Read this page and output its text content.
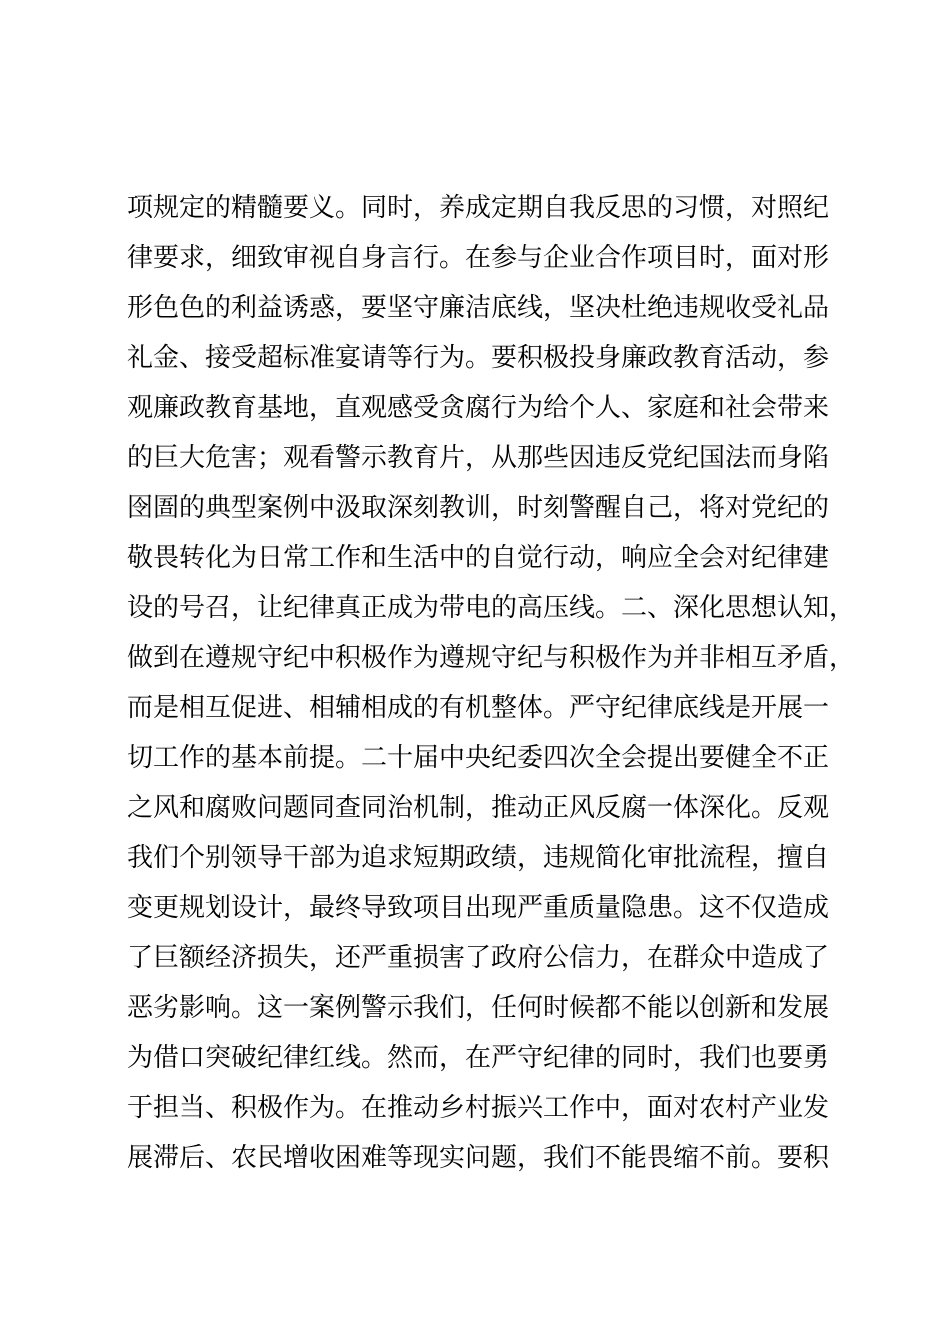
项规定的精髓要义。同时，养成定期自我反思的习惯，对照纪
律要求，细致审视自身言行。在参与企业合作项目时，面对形
形色色的利益诱惑，要坚守廉洁底线，坚决杜绝违规收受礼品
礼金、接受超标准宴请等行为。要积极投身廉政教育活动，参
观廉政教育基地，直观感受贪腐行为给个人、家庭和社会带来
的巨大危害；观看警示教育片，从那些因违反党纪国法而身陷
囹圄的典型案例中汲取深刻教训，时刻警醒自己，将对党纪的
敬畏转化为日常工作和生活中的自觉行动，响应全会对纪律建
设的号召，让纪律真正成为带电的高压线。二、深化思想认知，
做到在遵规守纪中积极作为遵规守纪与积极作为并非相互矛盾，
而是相互促进、相辅相成的有机整体。严守纪律底线是开展一
切工作的基本前提。二十届中央纪委四次全会提出要健全不正
之风和腐败问题同查同治机制，推动正风反腐一体深化。反观
我们个别领导干部为追求短期政绩，违规简化审批流程，擅自
变更规划设计，最终导致项目出现严重质量隐患。这不仅造成
了巨额经济损失，还严重损害了政府公信力，在群众中造成了
恶劣影响。这一案例警示我们，任何时候都不能以创新和发展
为借口突破纪律红线。然而，在严守纪律的同时，我们也要勇
于担当、积极作为。在推动乡村振兴工作中，面对农村产业发
展滞后、农民增收困难等现实问题，我们不能畏缩不前。要积
